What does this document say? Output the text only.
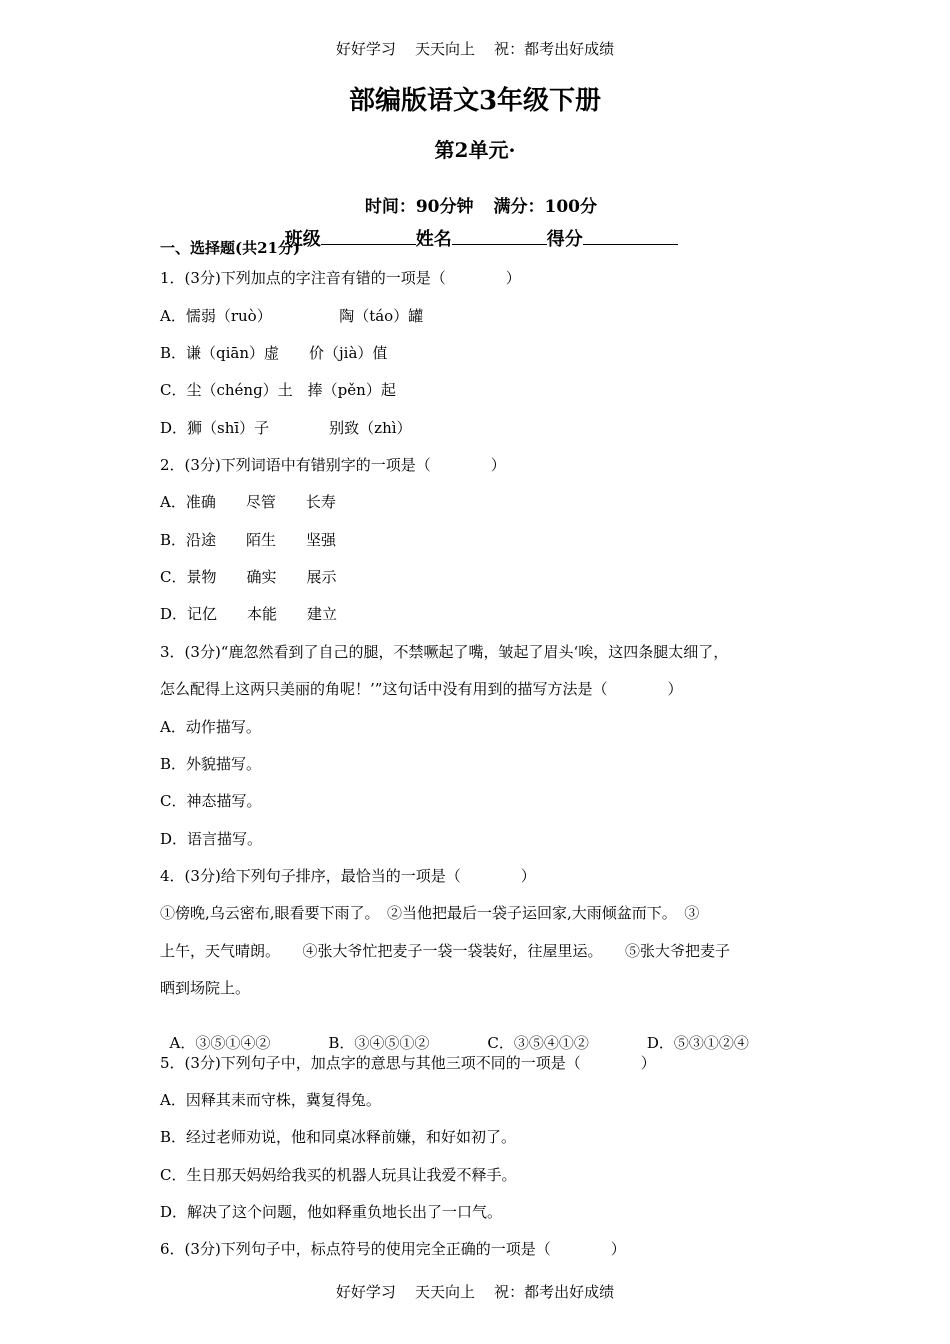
好好学习    天天向上    祝：都考出好成绩
部编版语文3年级下册
第2单元·

时间：90分钟 满分：100分

班级	姓名	得分

一、选择题(共21分)
1．(3分)下列加点的字注音有错的一项是（　　　　）
A．懦弱（ruò）　　　　　陶（táo）罐
B．谦（qiān）虚　　价（jià）值
C．尘（chénɡ）土　捧（pěn）起
D．狮（shī）子　　　　别致（zhì）
2．(3分)下列词语中有错别字的一项是（　　　　）
A．准确　　尽管　　长寿
B．沿途　　陌生　　坚强
C．景物　　确实　　展示
D．记亿　　本能　　建立
3．(3分)“鹿忽然看到了自己的腿，不禁噘起了嘴，皱起了眉头‘唉，这四条腿太细了，
怎么配得上这两只美丽的角呢！’”这句话中没有用到的描写方法是（　　　　）
A．动作描写。
B．外貌描写。
C．神态描写。
D．语言描写。
4．(3分)给下列句子排序，最恰当的一项是（　　　　）
①傍晚,乌云密布,眼看要下雨了。　②当他把最后一袋子运回家,大雨倾盆而下。　③
上午，天气晴朗。　　④张大爷忙把麦子一袋一袋装好，往屋里运。　　⑤张大爷把麦子
晒到场院上。

A．③⑤①④②	B．③④⑤①②	C．③⑤④①②	D．⑤③①②④

5．(3分)下列句子中，加点字的意思与其他三项不同的一项是（　　　　）
A．因释其耒而守株，冀复得兔。
B．经过老师劝说，他和同桌冰释前嫌，和好如初了。
C．生日那天妈妈给我买的机器人玩具让我爱不释手。
D．解决了这个问题，他如释重负地长出了一口气。
6．(3分)下列句子中，标点符号的使用完全正确的一项是（　　　　）
好好学习    天天向上    祝：都考出好成绩
